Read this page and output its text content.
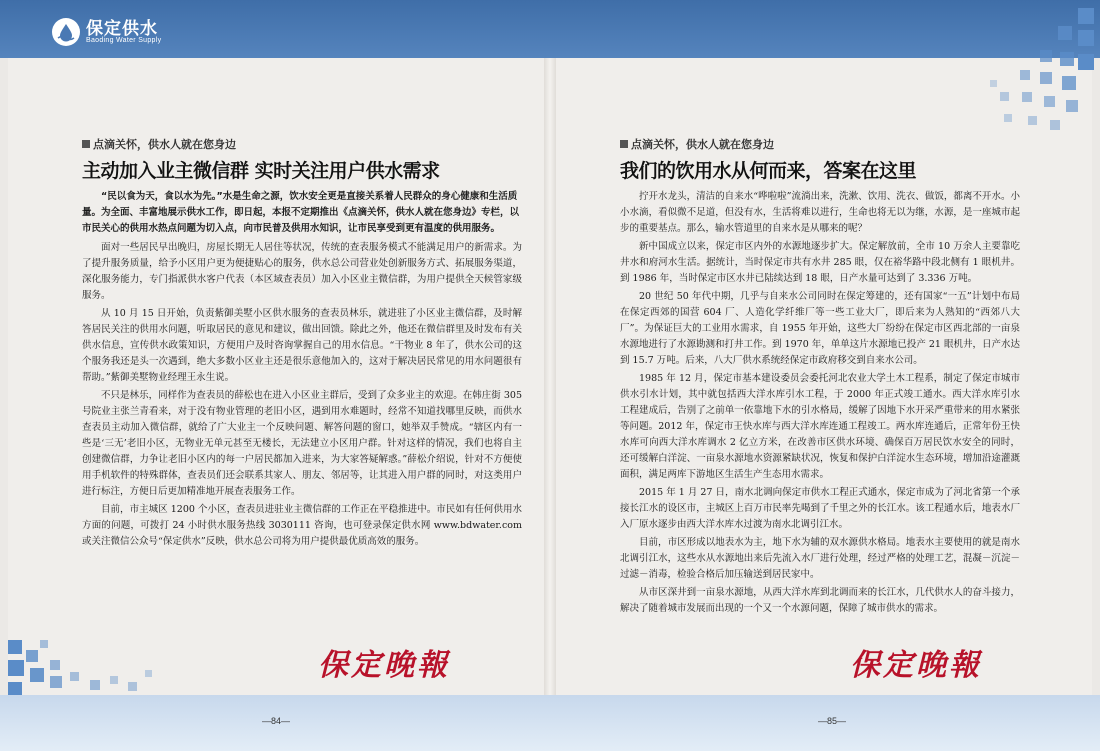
保定供水
Baoding Water Supply
点滴关怀，供水人就在您身边
主动加入业主微信群 实时关注用户供水需求
“民以食为天，食以水为先。”水是生命之源，饮水安全更是直接关系着人民群众的身心健康和生活质量。为全面、丰富地展示供水工作，即日起，本报不定期推出《点滴关怀，供水人就在您身边》专栏，以市民关心的供用水热点问题为切入点，向市民普及供用水知识，让市民享受到更有温度的供用服务。

面对一些居民早出晚归，房屋长期无人居住等状况，传统的查表服务模式不能满足用户的新需求。为了提升服务质量，给予小区用户更为便捷贴心的服务，供水总公司营业处创新服务方式、拓展服务渠道，深化服务能力，专门指派供水客户代表（本区域查表员）加入小区业主微信群，为用户提供全天候管家级服务。

从 10 月 15 日开始，负责紫御美墅小区供水服务的查表员林乐，就进驻了小区业主微信群，及时解答居民关注的供用水问题，听取居民的意见和建议，做出回馈。除此之外，他还在微信群里及时发布有关供水信息，宣传供水政策知识，方便用户及时咨询掌握自己的用水信息。“干物业 8 年了，供水公司的这个服务我还是头一次遇到，绝大多数小区业主还是很乐意他加入的，这对于解决居民常见的用水问题很有帮助。”紫御美墅物业经理王永生说。

不只是林乐，同样作为查表员的薛松也在进入小区业主群后，受到了众多业主的欢迎。在韩庄街 305 号院业主张兰青看来，对于没有物业管理的老旧小区，遇到用水难题时，经常不知道找哪里反映，而供水查表员主动加入微信群，就给了广大业主一个反映问题、解答问题的窗口，她举双手赞成。“辖区内有一些是‘三无’老旧小区，无物业无单元甚至无楼长，无法建立小区用户群。针对这样的情况，我们也将自主创建微信群，力争让老旧小区内的每一户居民都加入进来，为大家答疑解惑。”薛松介绍说，针对不方便使用手机软件的特殊群体，查表员们还会联系其家人、朋友、邻居等，让其进入用户群的同时，对这类用户进行标注，方便日后更加精准地开展查表服务工作。

目前，市主城区 1200 个小区，查表员进驻业主微信群的工作正在平稳推进中。市民如有任何供用水方面的问题，可拨打 24 小时供水服务热线 3030111 咨询，也可登录保定供水网 www.bdwater.com 或关注微信公众号“保定供水”反映，供水总公司将为用户提供最优质高效的服务。

保定晚報
—84—
点滴关怀，供水人就在您身边
我们的饮用水从何而来，答案在这里

拧开水龙头，清洁的自来水“哗啦啦”流淌出来，洗漱、饮用、洗衣、做饭，都离不开水。小小水滴，看似微不足道，但没有水，生活将难以进行，生命也将无以为继，水源，是一座城市起步的重要基点。那么，输水管道里的自来水是从哪来的呢？

新中国成立以来，保定市区内外的水源地逐步扩大。保定解放前，全市 10 万余人主要靠吃井水和府河水生活。据统计，当时保定市共有水井 285 眼，仅在裕华路中段北侧有 1 眼机井。到 1986 年，当时保定市区水井已陆续达到 18 眼，日产水量可达到了 3.336 万吨。

20 世纪 50 年代中期，几乎与自来水公司同时在保定筹建的，还有国家“一五”计划中布局在保定西郊的国营 604 厂、人造化学纤维厂等一些工业大厂，即后来为人熟知的“西郊八大厂”。为保证巨大的工业用水需求，自 1955 年开始，这些大厂纷纷在保定市区西北部的一亩泉水源地进行了水源勘测和打井工作。到 1970 年，单单这片水源地已投产 21 眼机井，日产水达到 15.7 万吨。后来，八大厂供水系统经保定市政府移交到自来水公司。

1985 年 12 月，保定市基本建设委员会委托河北农业大学土木工程系，制定了保定市城市供水引水计划，其中就包括西大洋水库引水工程，于 2000 年正式竣工通水。西大洋水库引水工程建成后，告别了之前单一依靠地下水的引水格局，缓解了因地下水开采严重带来的用水紧张等问题。2012 年，保定市王快水库与西大洋水库连通工程竣工。两水库连通后，正常年份王快水库可向西大洋水库调水 2 亿立方米，在改善市区供水环境、确保百万居民饮水安全的同时，还可缓解白洋淀、一亩泉水源地水资源紧缺状况，恢复和保护白洋淀水生态环境，增加沿途灌溉面积，满足两库下游地区生活生产生态用水需求。

2015 年 1 月 27 日，南水北调向保定市供水工程正式通水，保定市成为了河北省第一个承接长江水的设区市，主城区上百万市民率先喝到了千里之外的长江水。该工程通水后，地表水厂入厂原水逐步由西大洋水库水过渡为南水北调引江水。

目前，市区形成以地表水为主，地下水为辅的双水源供水格局。地表水主要使用的就是南水北调引江水，这些水从水源地出来后先流入水厂进行处理，经过严格的处理工艺，混凝－沉淀－过滤－消毒，检验合格后加压输送到居民家中。

从市区深井到一亩泉水源地，从西大洋水库到北调而来的长江水，几代供水人的奋斗接力，解决了随着城市发展而出现的一个又一个水源问题，保障了城市供水的需求。

保定晚報
—85—
